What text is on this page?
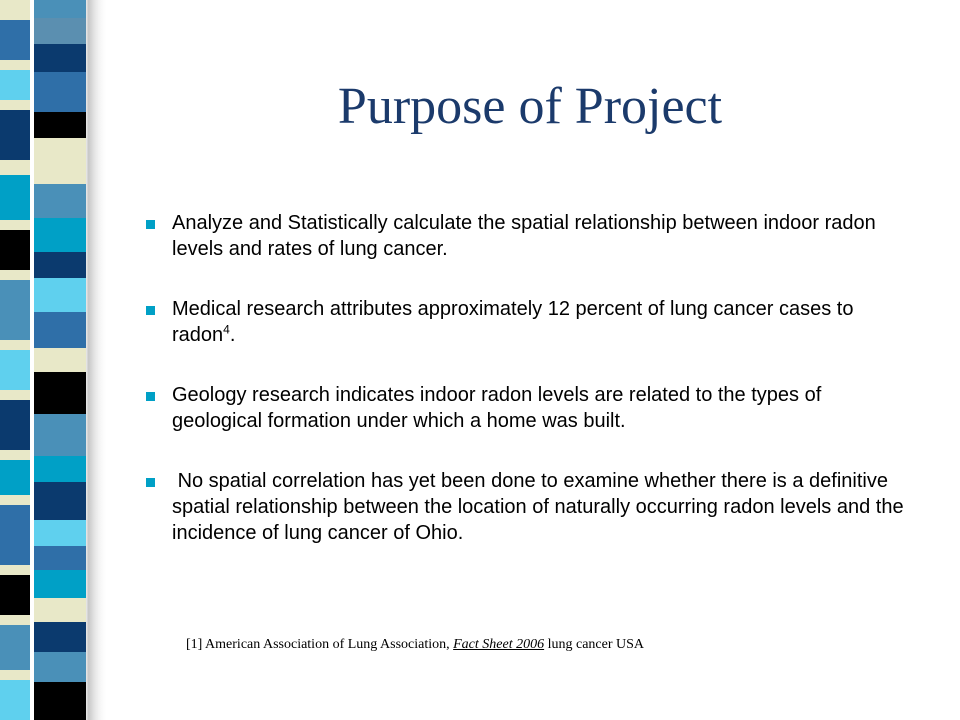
Purpose of Project
Analyze and Statistically calculate the spatial relationship between indoor radon levels and rates of lung cancer.
Medical research attributes approximately 12 percent of lung cancer cases to radon$^4$.
Geology research indicates indoor radon levels are related to the types of geological formation under which a home was built.
No spatial correlation has yet been done to examine whether there is a definitive spatial relationship between the location of naturally occurring radon levels and the incidence of lung cancer of Ohio.
[1] American Association of Lung Association, Fact Sheet 2006 lung cancer USA
